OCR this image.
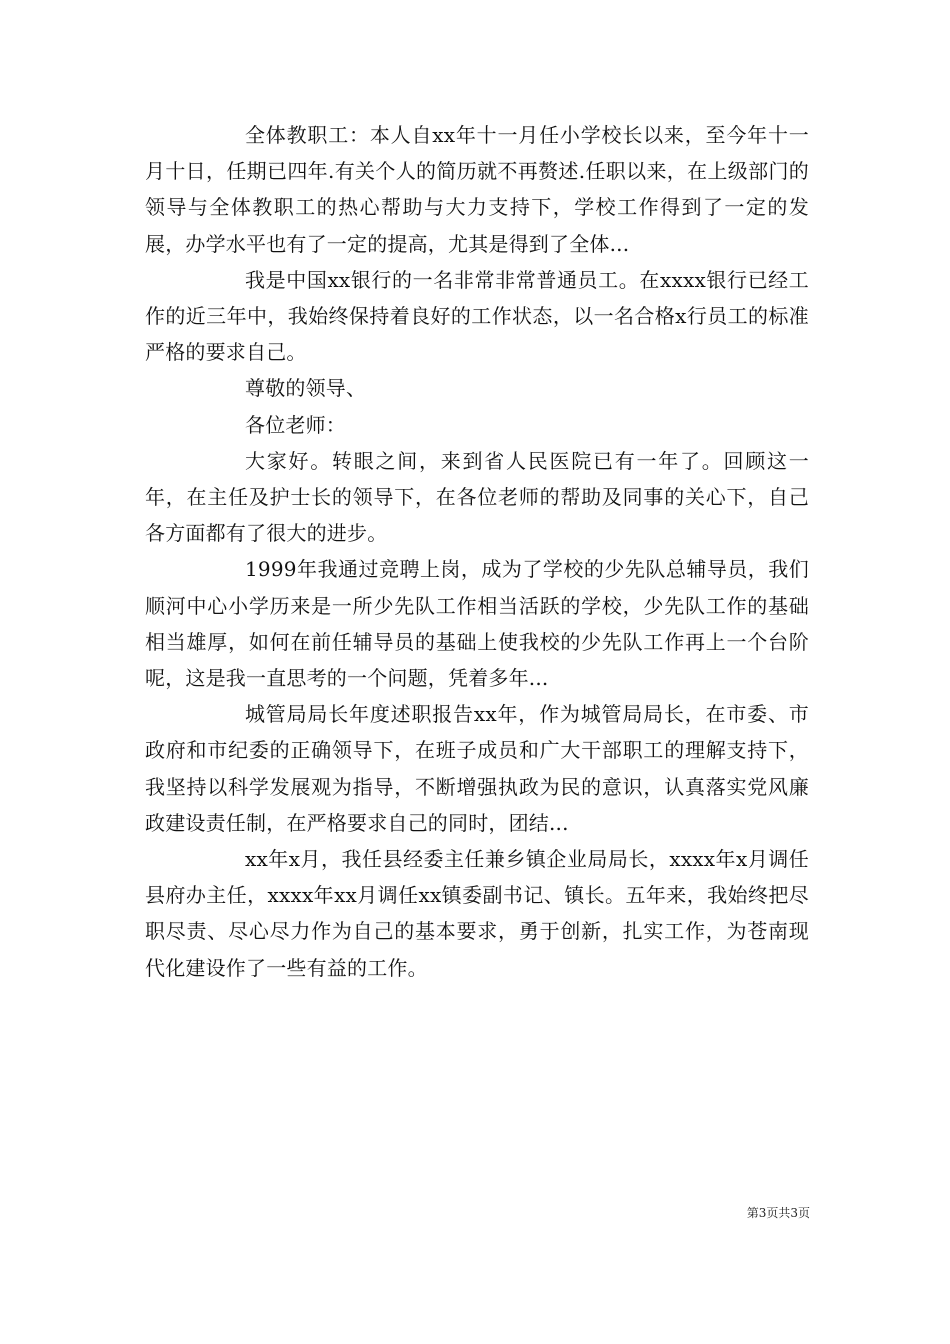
全体教职工：本人自xx年十一月任小学校长以来，至今年十一月十日，任期已四年.有关个人的简历就不再赘述.任职以来，在上级部门的领导与全体教职工的热心帮助与大力支持下，学校工作得到了一定的发展，办学水平也有了一定的提高，尤其是得到了全体...

我是中国xx银行的一名非常非常普通员工。在xxxx银行已经工作的近三年中，我始终保持着良好的工作状态，以一名合格x行员工的标准严格的要求自己。

尊敬的领导、

各位老师：

大家好。转眼之间，来到省人民医院已有一年了。回顾这一年，在主任及护士长的领导下，在各位老师的帮助及同事的关心下，自己各方面都有了很大的进步。

1999年我通过竞聘上岗，成为了学校的少先队总辅导员，我们顺河中心小学历来是一所少先队工作相当活跃的学校，少先队工作的基础相当雄厚，如何在前任辅导员的基础上使我校的少先队工作再上一个台阶呢，这是我一直思考的一个问题，凭着多年...

城管局局长年度述职报告xx年，作为城管局局长，在市委、市政府和市纪委的正确领导下，在班子成员和广大干部职工的理解支持下，我坚持以科学发展观为指导，不断增强执政为民的意识，认真落实党风廉政建设责任制，在严格要求自己的同时，团结...

xx年x月，我任县经委主任兼乡镇企业局局长，xxxx年x月调任县府办主任，xxxx年xx月调任xx镇委副书记、镇长。五年来，我始终把尽职尽责、尽心尽力作为自己的基本要求，勇于创新，扎实工作，为苍南现代化建设作了一些有益的工作。

第3页共3页
